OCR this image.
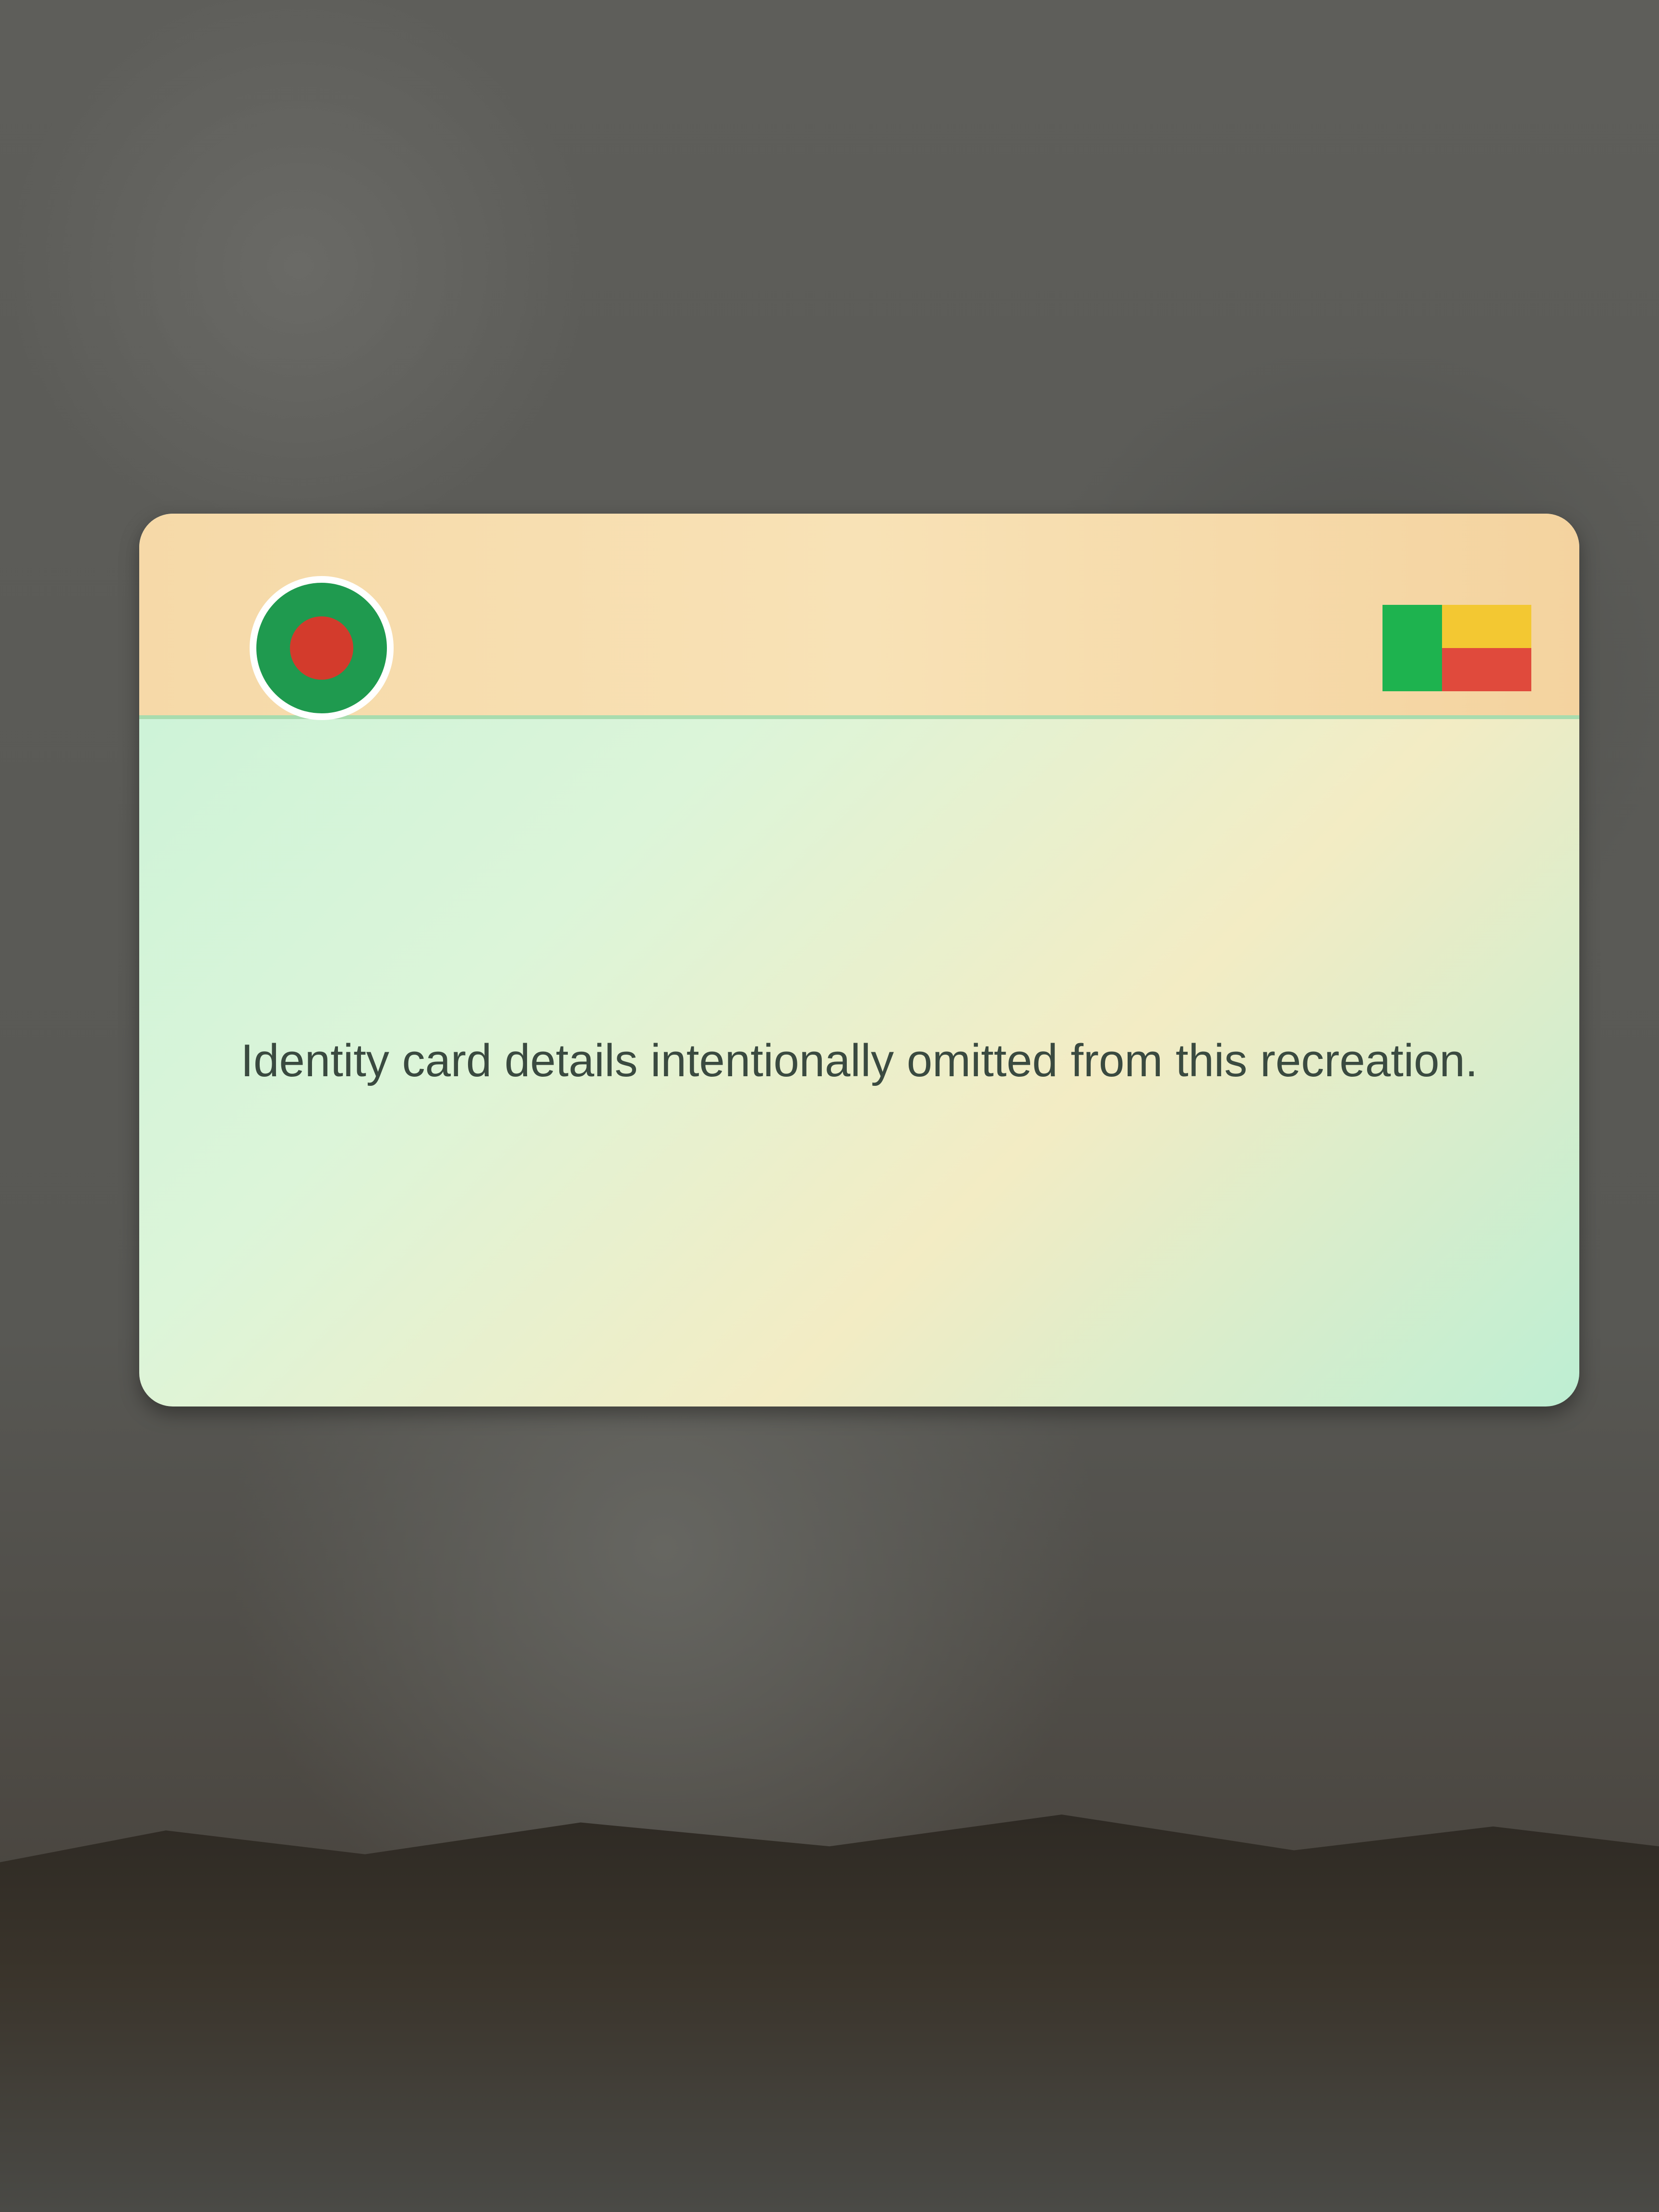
Identity card details intentionally omitted from this recreation.
